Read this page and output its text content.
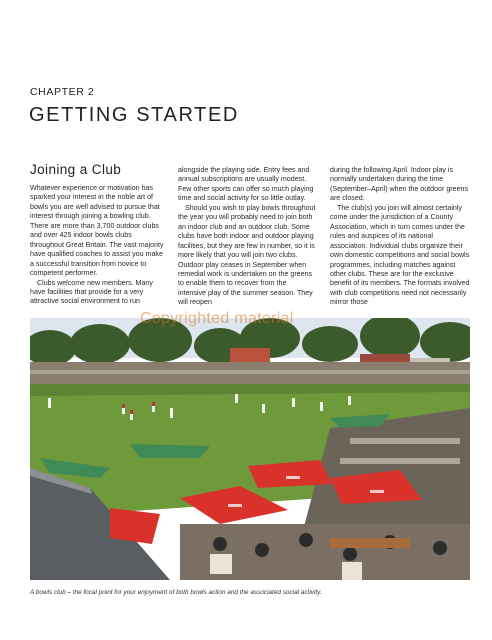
CHAPTER 2
GETTING STARTED
Joining a Club

Whatever experience or motivation has sparked your interest in the noble art of bowls you are well advised to pursue that interest through joining a bowling club. There are more than 3,700 outdoor clubs and over 425 indoor bowls clubs throughout Great Britain. The vast majority have qualified coaches to assist you make a successful transition from novice to competent performer.

Clubs welcome new members. Many have facilities that provide for a very attractive social environment to run

alongside the playing side. Entry fees and annual subscriptions are usually modest. Few other sports can offer so much playing time and social activity for so little outlay.

Should you wish to play bowls throughout the year you will probably need to join both an indoor club and an outdoor club. Some clubs have both indoor and outdoor playing facilities, but they are few in number, so it is more likely that you will join two clubs. Outdoor play ceases in September when remedial work is undertaken on the greens to enable them to recover from the intensive play of the summer season. They will reopen

during the following April. Indoor play is normally undertaken during the time (September–April) when the outdoor greens are closed.

The club(s) you join will almost certainly come under the jurisdiction of a County Association, which in turn comes under the rules and auspices of its national association. Individual clubs organize their own domestic competitions and social bowls programmes, including matches against other clubs. These are for the exclusive benefit of its members. The formats involved with club competitions need not necessarily mirror those

Copyrighted material
A bowls club – the focal point for your enjoyment of both bowls action and the associated social activity.
